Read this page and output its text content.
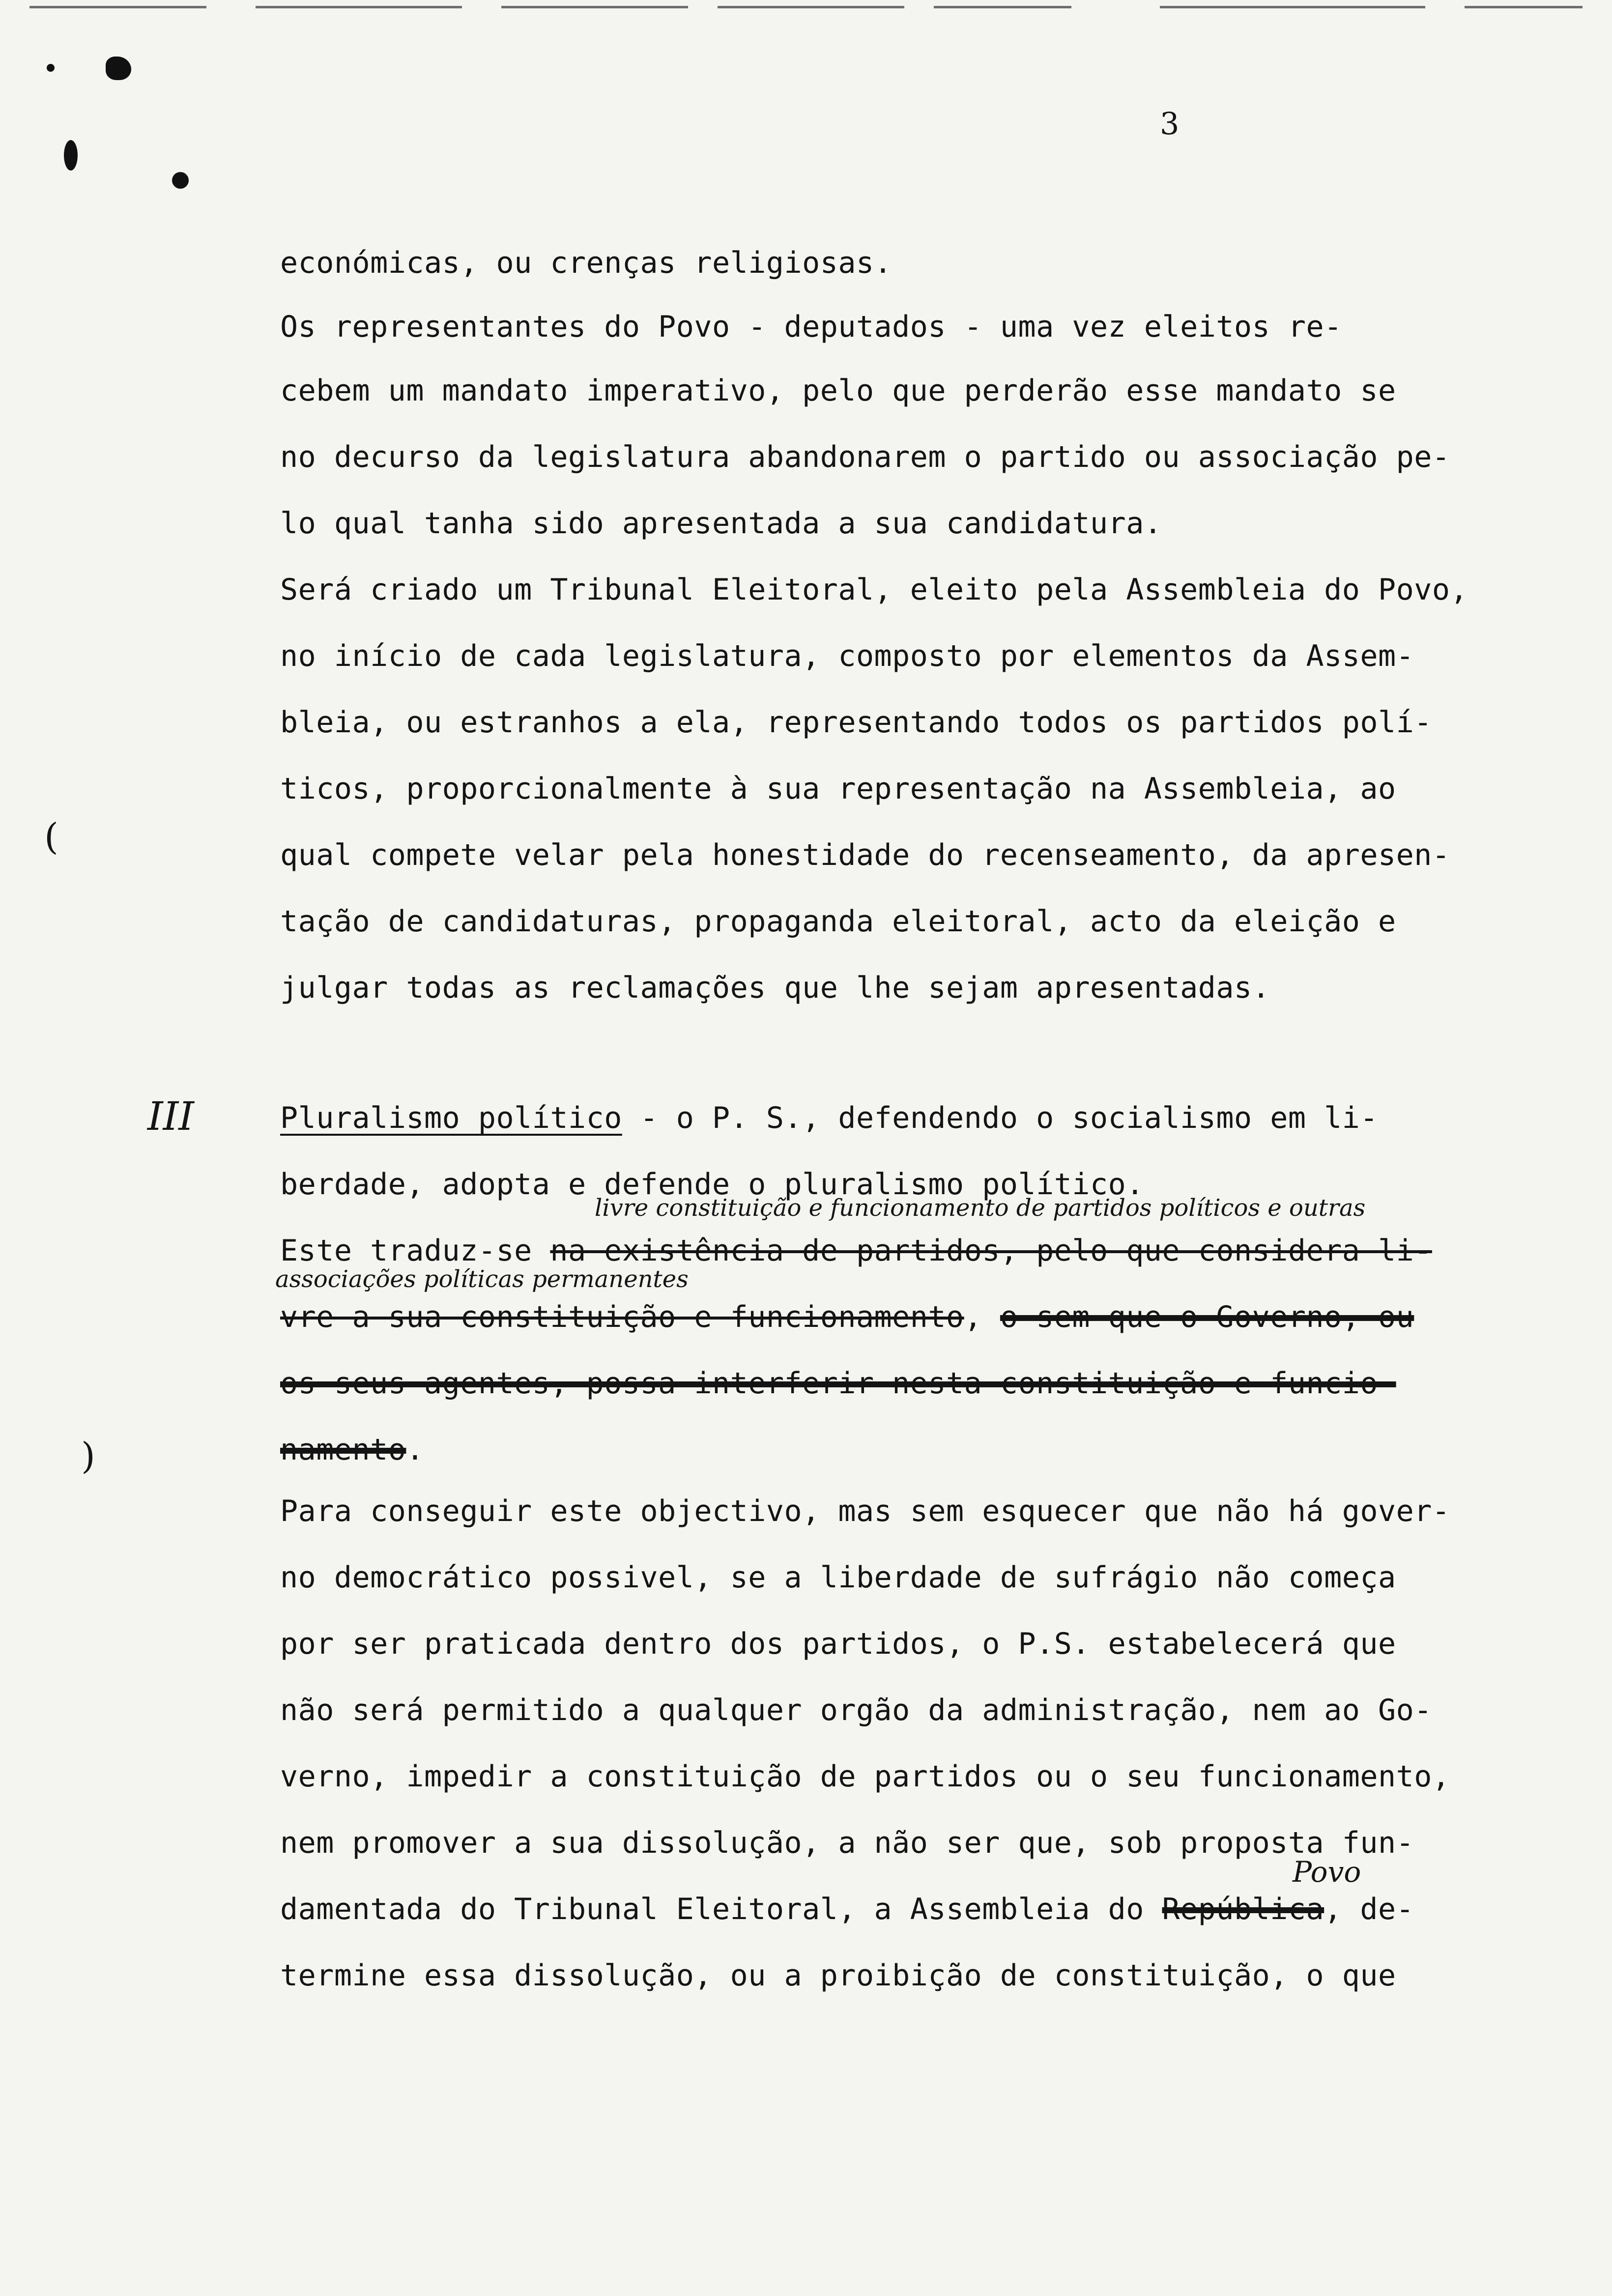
3
económicas, ou crenças religiosas.
Os representantes do Povo - deputados - uma vez eleitos re-
cebem um mandato imperativo, pelo que perderão esse mandato se
no decurso da legislatura abandonarem o partido ou associação pe-
lo qual tanha sido apresentada a sua candidatura.
Será criado um Tribunal Eleitoral, eleito pela Assembleia do Povo,
no início de cada legislatura, composto por elementos da Assem-
bleia, ou estranhos a ela, representando todos os partidos polí-
ticos, proporcionalmente à sua representação na Assembleia, ao
qual compete velar pela honestidade do recenseamento, da apresen-
tação de candidaturas, propaganda eleitoral, acto da eleição e
julgar todas as reclamações que lhe sejam apresentadas.
(
III	Pluralismo político - o P. S., defendendo o socialismo em li-
berdade, adopta e defende o pluralismo político.
livre constituição e funcionamento de partidos políticos e outras
Este traduz-se na existência de partidos, pelo que considera li-
associações políticas permanentes
vre a sua constituição e funcionamento, o sem que o Governo, ou
os seus agentes, possa interferir nesta constituição e funcio-
namento.
)
Para conseguir este objectivo, mas sem esquecer que não há gover-
no democrático possivel, se a liberdade de sufrágio não começa
por ser praticada dentro dos partidos, o P.S. estabelecerá que
não será permitido a qualquer orgão da administração, nem ao Go-
verno, impedir a constituição de partidos ou o seu funcionamento,
nem promover a sua dissolução, a não ser que, sob proposta fun-
Povo
damentada do Tribunal Eleitoral, a Assembleia do República, de-
termine essa dissolução, ou a proibição de constituição, o que
